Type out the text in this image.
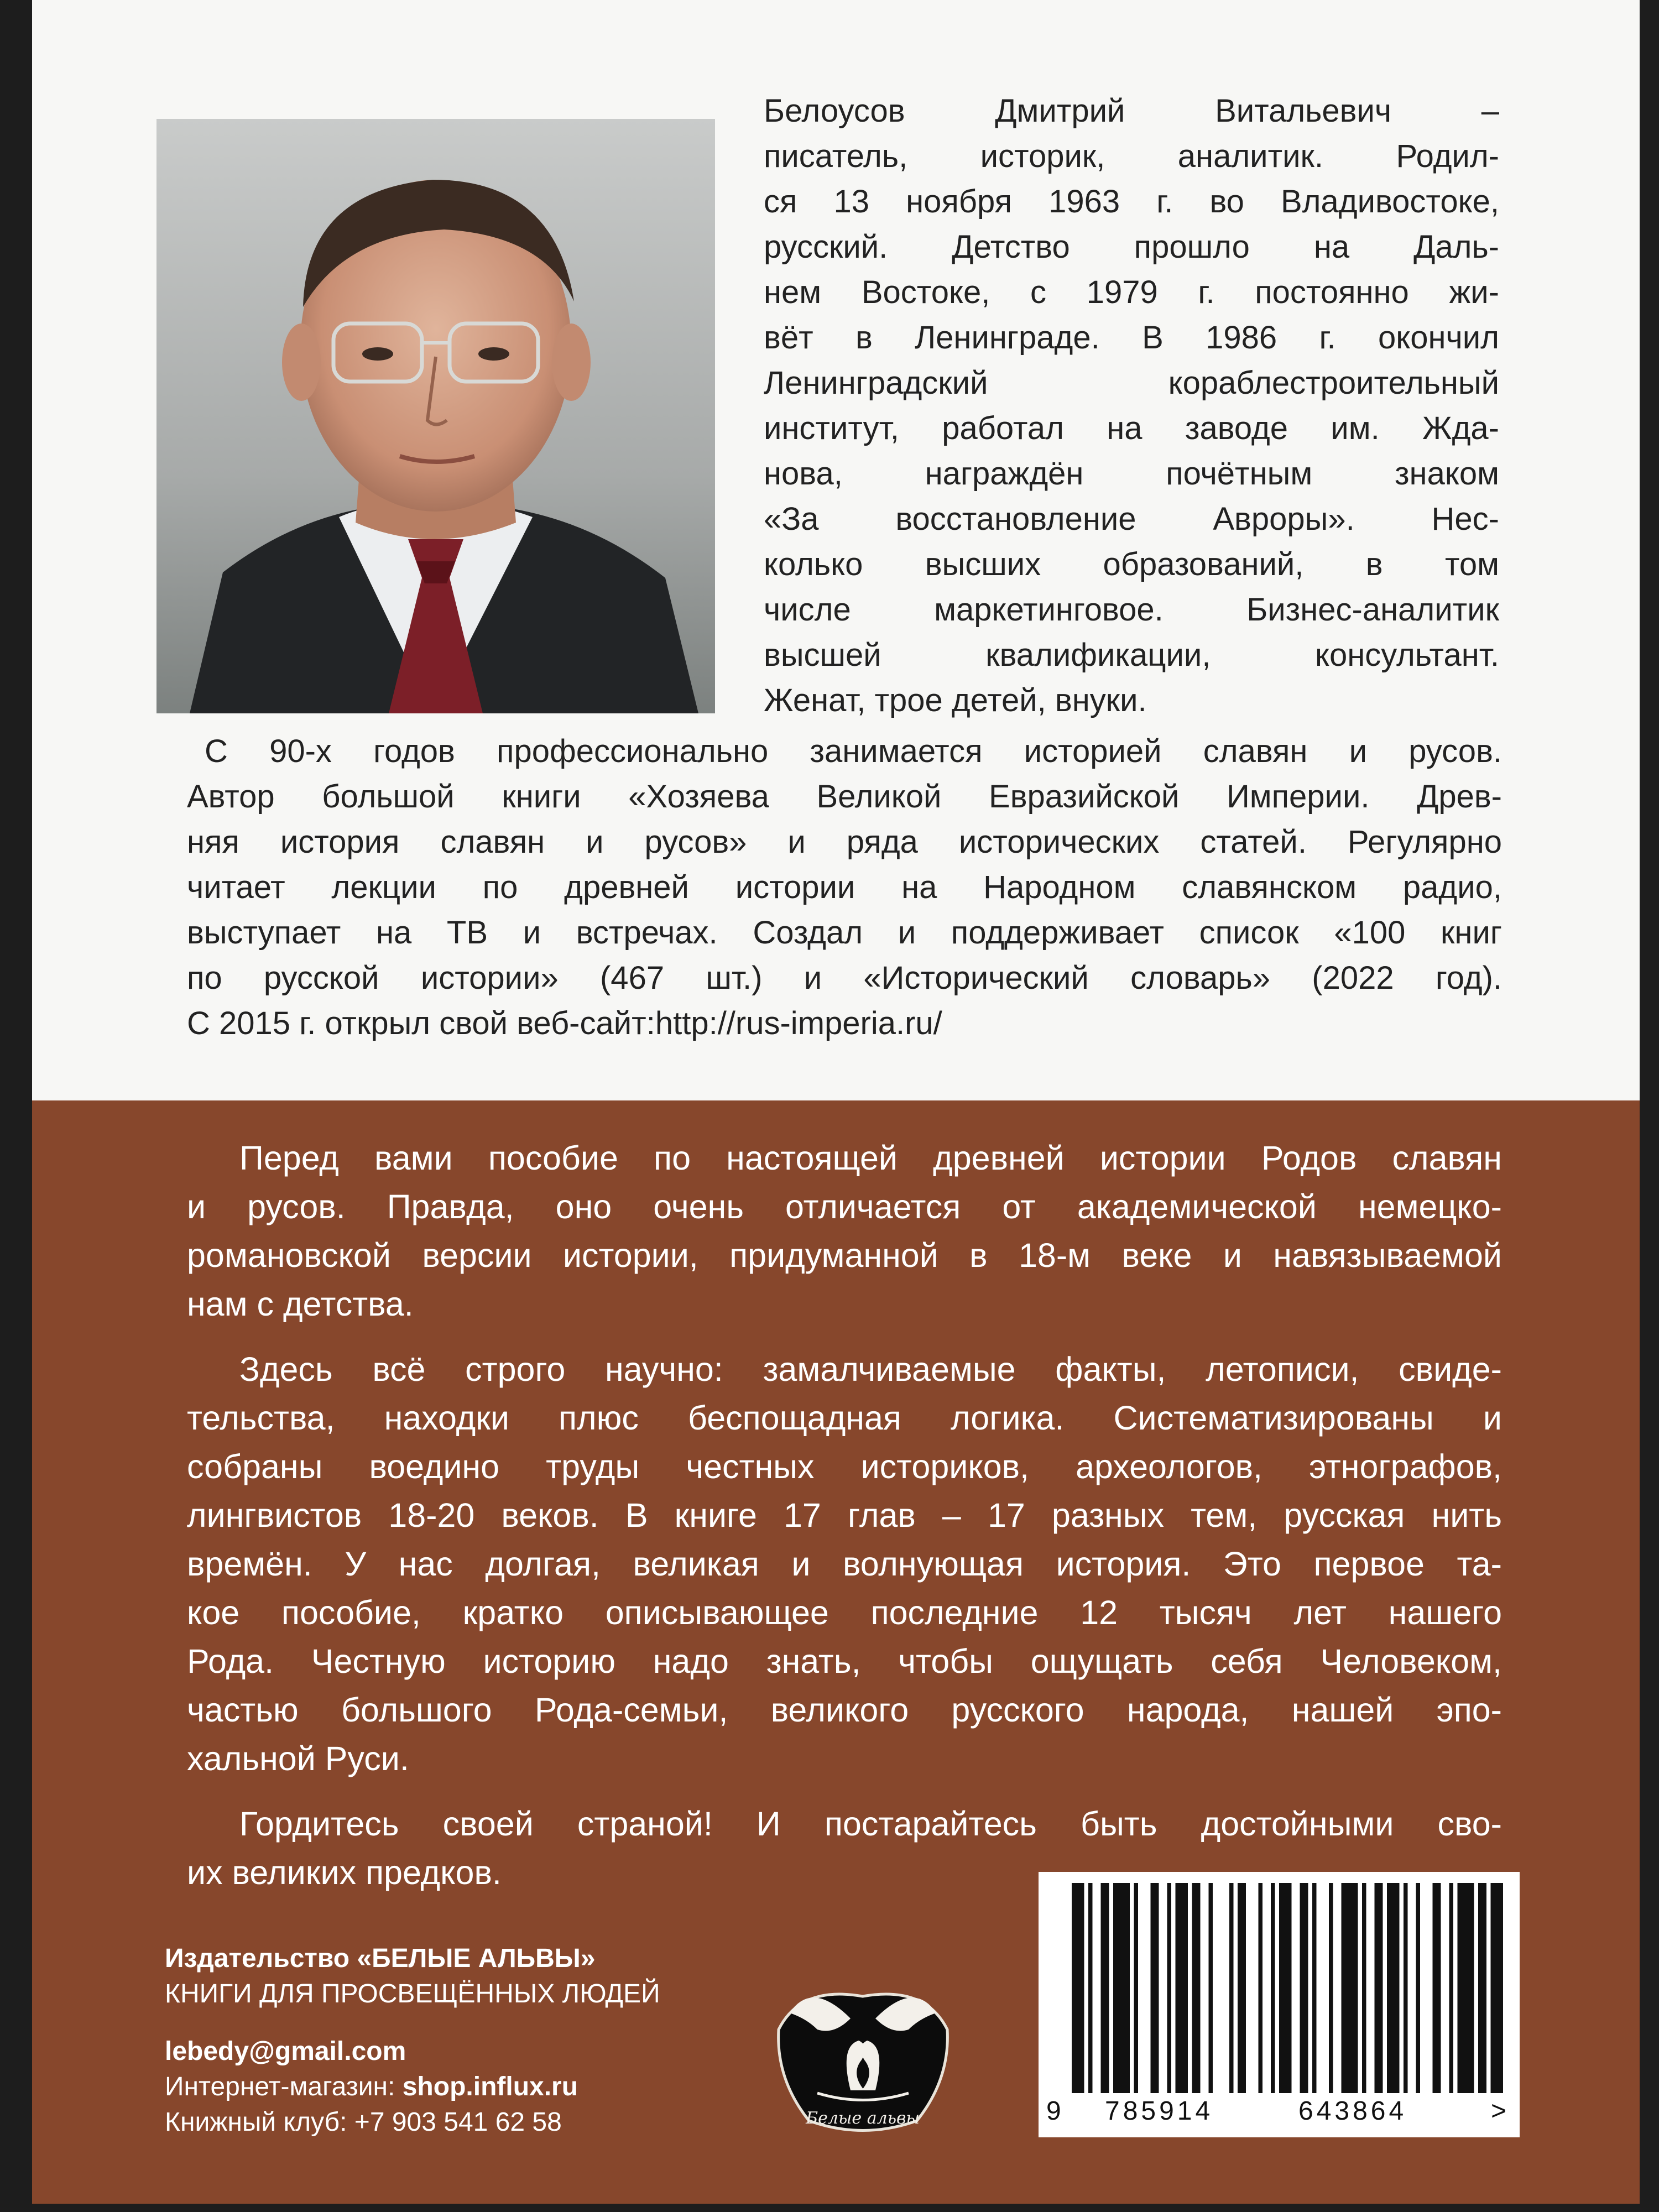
Белоусов Дмитрий Витальевич –
писатель, историк, аналитик. Родил-
ся 13 ноября 1963 г. во Владивостоке,
русский. Детство прошло на Даль-
нем Востоке, с 1979 г. постоянно жи-
вёт в Ленинграде. В 1986 г. окончил
Ленинградский кораблестроительный
институт, работал на заводе им. Жда-
нова, награждён почётным знаком
«За восстановление Авроры». Нес-
колько высших образований, в том
числе маркетинговое. Бизнес-аналитик
высшей квалификации, консультант.
Женат, трое детей, внуки.
С 90-х годов профессионально занимается историей славян и русов.
Автор большой книги «Хозяева Великой Евразийской Империи. Древ-
няя история славян и русов» и ряда исторических статей. Регулярно
читает лекции по древней истории на Народном славянском радио,
выступает на ТВ и встречах. Создал и поддерживает список «100 книг
по русской истории» (467 шт.) и «Исторический словарь» (2022 год).
С 2015 г. открыл свой веб-сайт:http://rus-imperia.ru/
Перед вами пособие по настоящей древней истории Родов славян
и русов. Правда, оно очень отличается от академической немецко-
романовской версии истории, придуманной в 18-м веке и навязываемой
нам с детства.
Здесь всё строго научно: замалчиваемые факты, летописи, свиде-
тельства, находки плюс беспощадная логика. Систематизированы и
собраны воедино труды честных историков, археологов, этнографов,
лингвистов 18-20 веков. В книге 17 глав – 17 разных тем, русская нить
времён. У нас долгая, великая и волнующая история. Это первое та-
кое пособие, кратко описывающее последние 12 тысяч лет нашего
Рода. Честную историю надо знать, чтобы ощущать себя Человеком,
частью большого Рода-семьи, великого русского народа, нашей эпо-
хальной Руси.
Гордитесь своей страной! И постарайтесь быть достойными сво-
их великих предков.
Издательство «БЕЛЫЕ АЛЬВЫ»
КНИГИ ДЛЯ ПРОСВЕЩЁННЫХ ЛЮДЕЙ
lebedy@gmail.com
Интернет-магазин: shop.influx.ru
Книжный клуб: +7 903 541 62 58	Белые альвы	9 785914	643864	>
